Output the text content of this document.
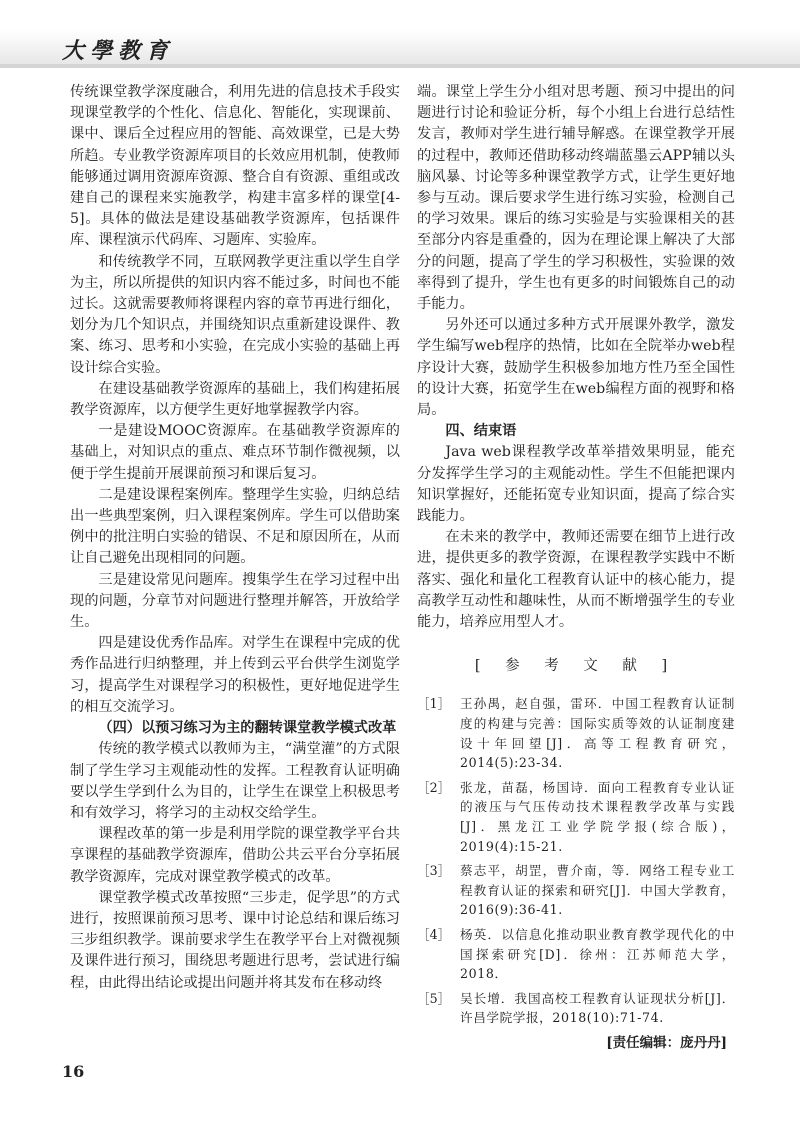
大學教育

传统课堂教学深度融合，利用先进的信息技术手段实现课堂教学的个性化、信息化、智能化，实现课前、课中、课后全过程应用的智能、高效课堂，已是大势所趋。专业教学资源库项目的长效应用机制，使教师能够通过调用资源库资源、整合自有资源、重组或改建自己的课程来实施教学，构建丰富多样的课堂[4-5]。具体的做法是建设基础教学资源库，包括课件库、课程演示代码库、习题库、实验库。

和传统教学不同，互联网教学更注重以学生自学为主，所以所提供的知识内容不能过多，时间也不能过长。这就需要教师将课程内容的章节再进行细化，划分为几个知识点，并围绕知识点重新建设课件、教案、练习、思考和小实验，在完成小实验的基础上再设计综合实验。

在建设基础教学资源库的基础上，我们构建拓展教学资源库，以方便学生更好地掌握教学内容。

一是建设MOOC资源库。在基础教学资源库的基础上，对知识点的重点、难点环节制作微视频，以便于学生提前开展课前预习和课后复习。

二是建设课程案例库。整理学生实验，归纳总结出一些典型案例，归入课程案例库。学生可以借助案例中的批注明白实验的错误、不足和原因所在，从而让自己避免出现相同的问题。

三是建设常见问题库。搜集学生在学习过程中出现的问题，分章节对问题进行整理并解答，开放给学生。

四是建设优秀作品库。对学生在课程中完成的优秀作品进行归纳整理，并上传到云平台供学生浏览学习，提高学生对课程学习的积极性，更好地促进学生的相互交流学习。

（四）以预习练习为主的翻转课堂教学模式改革

传统的教学模式以教师为主，“满堂灌”的方式限制了学生学习主观能动性的发挥。工程教育认证明确要以学生学到什么为目的，让学生在课堂上积极思考和有效学习，将学习的主动权交给学生。

课程改革的第一步是利用学院的课堂教学平台共享课程的基础教学资源库，借助公共云平台分享拓展教学资源库，完成对课堂教学模式的改革。

课堂教学模式改革按照“三步走，促学思”的方式进行，按照课前预习思考、课中讨论总结和课后练习三步组织教学。课前要求学生在教学平台上对微视频及课件进行预习，围绕思考题进行思考，尝试进行编程，由此得出结论或提出问题并将其发布在移动终

端。课堂上学生分小组对思考题、预习中提出的问题进行讨论和验证分析，每个小组上台进行总结性发言，教师对学生进行辅导解惑。在课堂教学开展的过程中，教师还借助移动终端蓝墨云APP辅以头脑风暴、讨论等多种课堂教学方式，让学生更好地参与互动。课后要求学生进行练习实验，检测自己的学习效果。课后的练习实验是与实验课相关的甚至部分内容是重叠的，因为在理论课上解决了大部分的问题，提高了学生的学习积极性，实验课的效率得到了提升，学生也有更多的时间锻炼自己的动手能力。

另外还可以通过多种方式开展课外教学，激发学生编写web程序的热情，比如在全院举办web程序设计大赛，鼓励学生积极参加地方性乃至全国性的设计大赛，拓宽学生在web编程方面的视野和格局。

四、结束语

Java web课程教学改革举措效果明显，能充分发挥学生学习的主观能动性。学生不但能把课内知识掌握好，还能拓宽专业知识面，提高了综合实践能力。

在未来的教学中，教师还需要在细节上进行改进，提供更多的教学资源，在课程教学实践中不断落实、强化和量化工程教育认证中的核心能力，提高教学互动性和趣味性，从而不断增强学生的专业能力，培养应用型人才。

[ 参 考 文 献 ]
［1］ 王孙禺，赵自强，雷环．中国工程教育认证制度的构建与完善：国际实质等效的认证制度建设十年回望[J]．高等工程教育研究，2014(5):23-34.
［2］ 张龙，苗磊，杨国诗．面向工程教育专业认证的液压与气压传动技术课程教学改革与实践[J]．黑龙江工业学院学报(综合版)，2019(4):15-21.
［3］ 蔡志平，胡罡，曹介南，等．网络工程专业工程教育认证的探索和研究[J]．中国大学教育，2016(9):36-41.
［4］ 杨英．以信息化推动职业教育教学现代化的中国探索研究[D]．徐州：江苏师范大学，2018．
［5］ 吴长增．我国高校工程教育认证现状分析[J]．许昌学院学报，2018(10):71-74.
[责任编辑：庞丹丹]
16
